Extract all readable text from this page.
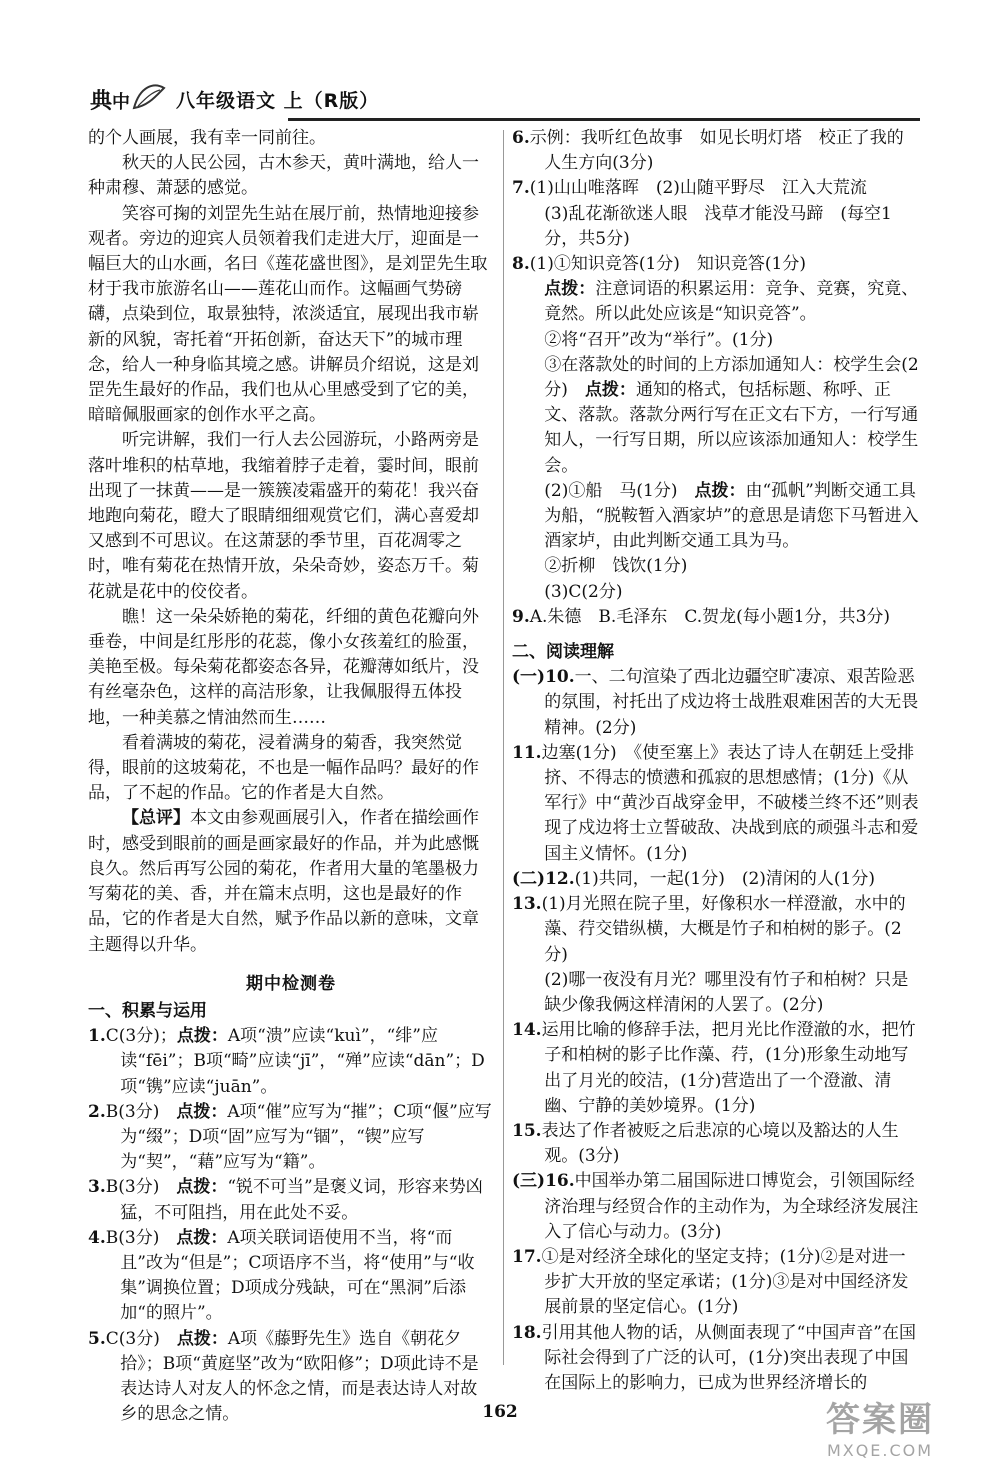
典 中 八年级语文 上（R版）

的个人画展，我有幸一同前往。

秋天的人民公园，古木参天，黄叶满地，给人一种肃穆、萧瑟的感觉。

笑容可掬的刘罡先生站在展厅前，热情地迎接参观者。旁边的迎宾人员领着我们走进大厅，迎面是一幅巨大的山水画，名曰《莲花盛世图》，是刘罡先生取材于我市旅游名山——莲花山而作。这幅画气势磅礴，点染到位，取景独特，浓淡适宜，展现出我市崭新的风貌，寄托着“开拓创新，奋达天下”的城市理念，给人一种身临其境之感。讲解员介绍说，这是刘罡先生最好的作品，我们也从心里感受到了它的美，暗暗佩服画家的创作水平之高。

听完讲解，我们一行人去公园游玩，小路两旁是落叶堆积的枯草地，我缩着脖子走着，霎时间，眼前出现了一抹黄——是一簇簇凌霜盛开的菊花！我兴奋地跑向菊花，瞪大了眼睛细细观赏它们，满心喜爱却又感到不可思议。在这萧瑟的季节里，百花凋零之时，唯有菊花在热情开放，朵朵奇妙，姿态万千。菊花就是花中的佼佼者。

瞧！这一朵朵娇艳的菊花，纤细的黄色花瓣向外垂卷，中间是红彤彤的花蕊，像小女孩羞红的脸蛋，美艳至极。每朵菊花都姿态各异，花瓣薄如纸片，没有丝毫杂色，这样的高洁形象，让我佩服得五体投地，一种美慕之情油然而生……

看着满坡的菊花，浸着满身的菊香，我突然觉得，眼前的这坡菊花，不也是一幅作品吗？最好的作品，了不起的作品。它的作者是大自然。

【总评】本文由参观画展引入，作者在描绘画作时，感受到眼前的画是画家最好的作品，并为此感慨良久。然后再写公园的菊花，作者用大量的笔墨极力写菊花的美、香，并在篇末点明，这也是最好的作品，它的作者是大自然，赋予作品以新的意味，文章主题得以升华。

期中检测卷

一、积累与运用

1.C(3分)；点拨：A项“溃”应读“kuì”，“绯”应读“fēi”；B项“畸”应读“jī”，“殚”应读“dān”；D项“镌”应读“juān”。

2.B(3分)　 点拨：A项“催”应写为“摧”；C项“偃”应写为“缀”；D项“固”应写为“锢”，“锲”应写为“契”，“藉”应写为“籍”。

3.B(3分)　 点拨：“锐不可当”是褒义词，形容来势凶猛，不可阻挡，用在此处不妥。

4.B(3分)　 点拨：A项关联词语使用不当，将“而且”改为“但是”；C项语序不当，将“使用”与“收集”调换位置；D项成分残缺，可在“黑洞”后添加“的照片”。

5.C(3分)　 点拨：A项《藤野先生》选自《朝花夕拾》；B项“黄庭坚”改为“欧阳修”；D项此诗不是表达诗人对友人的怀念之情，而是表达诗人对故乡的思念之情。

6.示例：我听红色故事　如见长明灯塔　校正了我的人生方向(3分)

7.(1)山山唯落晖　(2)山随平野尽　江入大荒流

(3)乱花渐欲迷人眼　浅草才能没马蹄　(每空1分，共5分)

8.(1)①知识竞答(1分)　知识竞答(1分)

点拨：注意词语的积累运用：竞争、竞赛，究竟、竟然。所以此处应该是“知识竞答”。

②将“召开”改为“举行”。(1分)

③在落款处的时间的上方添加通知人：校学生会(2分)　 点拨：通知的格式，包括标题、称呼、正文、落款。落款分两行写在正文右下方，一行写通知人，一行写日期，所以应该添加通知人：校学生会。

(2)①船　马(1分)　 点拨：由“孤帆”判断交通工具为船，“脱鞍暂入酒家垆”的意思是请您下马暂进入酒家垆，由此判断交通工具为马。

②折柳　饯饮(1分)

(3)C(2分)

9.A.朱德　B.毛泽东　C.贺龙(每小题1分，共3分)

二、阅读理解

(一)10.一、二句渲染了西北边疆空旷凄凉、艰苦险恶的氛围，衬托出了戍边将士战胜艰难困苦的大无畏精神。(2分)

11.边塞(1分)　《使至塞上》表达了诗人在朝廷上受排挤、不得志的愤懑和孤寂的思想感情；(1分)《从军行》中“黄沙百战穿金甲，不破楼兰终不还”则表现了戍边将士立誓破敌、决战到底的顽强斗志和爱国主义情怀。(1分)

(二)12.(1)共同，一起(1分)　(2)清闲的人(1分)

13.(1)月光照在院子里，好像积水一样澄澈，水中的藻、荇交错纵横，大概是竹子和柏树的影子。(2分)

(2)哪一夜没有月光？哪里没有竹子和柏树？只是缺少像我俩这样清闲的人罢了。(2分)

14.运用比喻的修辞手法，把月光比作澄澈的水，把竹子和柏树的影子比作藻、荇，(1分)形象生动地写出了月光的皎洁，(1分)营造出了一个澄澈、清幽、宁静的美妙境界。(1分)

15.表达了作者被贬之后悲凉的心境以及豁达的人生观。(3分)

(三)16.中国举办第二届国际进口博览会，引领国际经济治理与经贸合作的主动作为，为全球经济发展注入了信心与动力。(3分)

17.①是对经济全球化的坚定支持；(1分)②是对进一步扩大开放的坚定承诺；(1分)③是对中国经济发展前景的坚定信心。(1分)

18.引用其他人物的话，从侧面表现了“中国声音”在国际社会得到了广泛的认可，(1分)突出表现了中国在国际上的影响力，已成为世界经济增长的

162	答案圈
MXQE.COM
